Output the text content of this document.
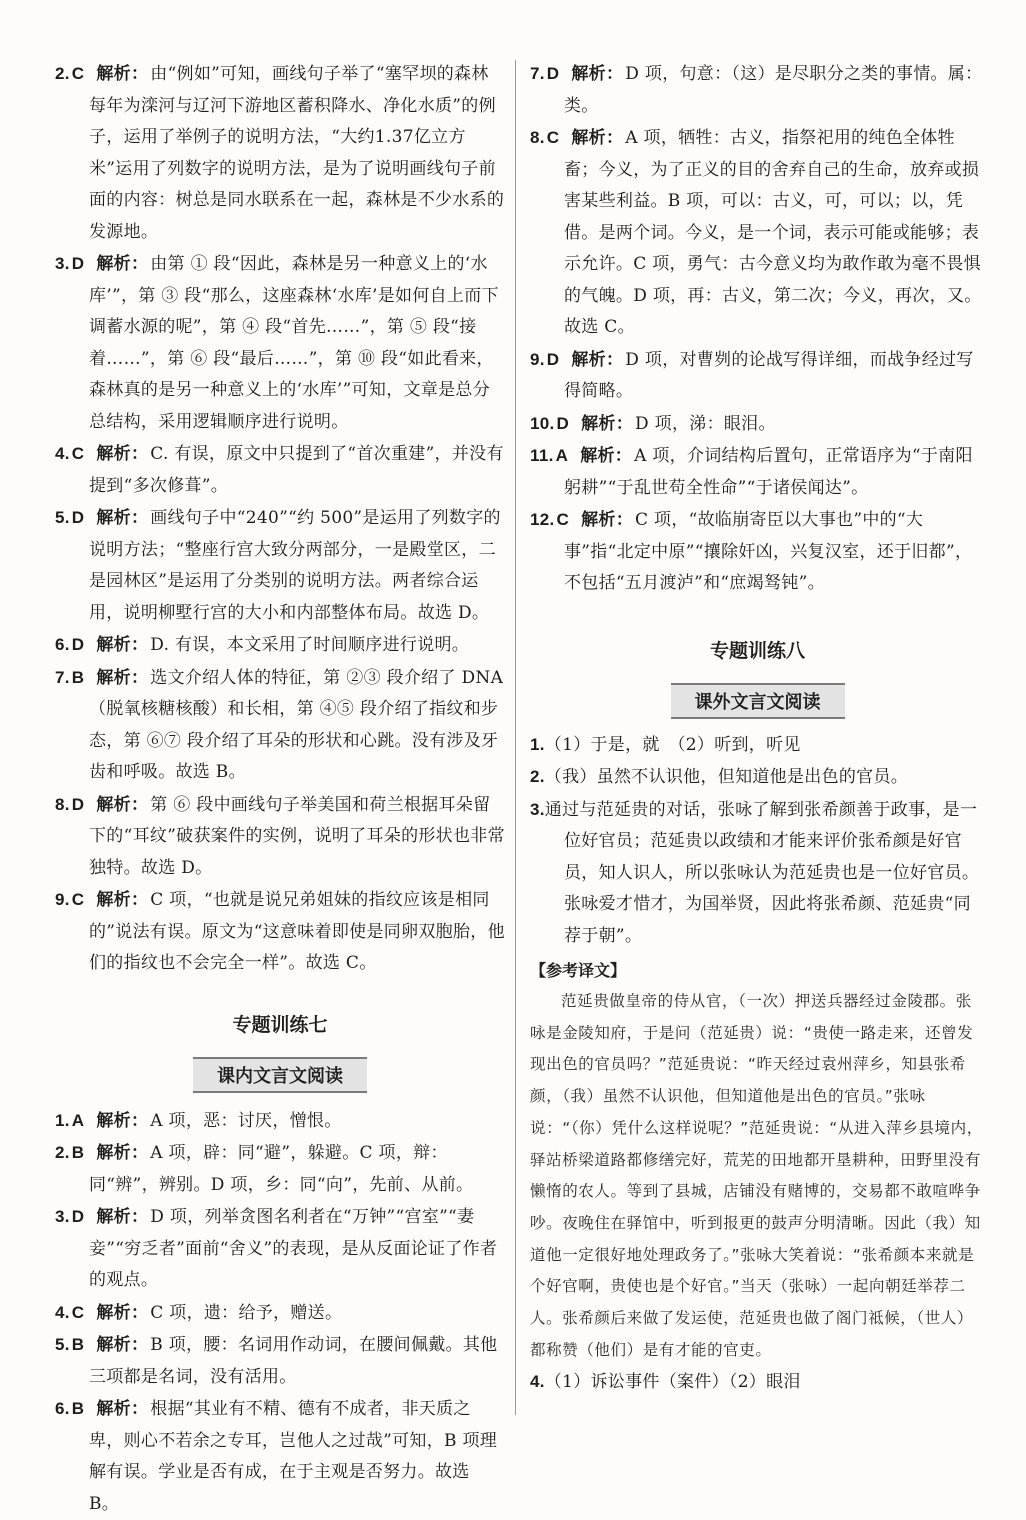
2. C 解析： 由“例如”可知，画线句子举了“塞罕坝的森林每年为滦河与辽河下游地区蓄积降水、净化水质”的例子，运用了举例子的说明方法，“大约1.37亿立方米”运用了列数字的说明方法，是为了说明画线句子前面的内容：树总是同水联系在一起，森林是不少水系的发源地。

3. D 解析： 由第 ① 段“因此，森林是另一种意义上的‘水库’”，第 ③ 段“那么，这座森林‘水库’是如何自上而下调蓄水源的呢”，第 ④ 段“首先……”，第 ⑤ 段“接着……”，第 ⑥ 段“最后……”，第 ⑩ 段“如此看来，森林真的是另一种意义上的‘水库’”可知，文章是总分总结构，采用逻辑顺序进行说明。

4. C 解析： C. 有误，原文中只提到了“首次重建”，并没有提到“多次修葺”。

5. D 解析： 画线句子中“240”“约 500”是运用了列数字的说明方法；“整座行宫大致分两部分，一是殿堂区，二是园林区”是运用了分类别的说明方法。两者综合运用，说明柳墅行宫的大小和内部整体布局。故选 D。

6. D 解析： D. 有误，本文采用了时间顺序进行说明。

7. B 解析： 选文介绍人体的特征，第 ②③ 段介绍了 DNA（脱氧核糖核酸）和长相，第 ④⑤ 段介绍了指纹和步态，第 ⑥⑦ 段介绍了耳朵的形状和心跳。没有涉及牙齿和呼吸。故选 B。

8. D 解析： 第 ⑥ 段中画线句子举美国和荷兰根据耳朵留下的“耳纹”破获案件的实例，说明了耳朵的形状也非常独特。故选 D。

9. C 解析： C 项，“也就是说兄弟姐妹的指纹应该是相同的”说法有误。原文为“这意味着即使是同卵双胞胎，他们的指纹也不会完全一样”。故选 C。

专题训练七

课内文言文阅读

1. A 解析： A 项，恶：讨厌，憎恨。

2. B 解析： A 项，辟：同“避”，躲避。C 项，辩：同“辨”，辨别。D 项，乡：同“向”，先前、从前。

3. D 解析： D 项，列举贪图名利者在“万钟”“宫室”“妻妾”“穷乏者”面前“舍义”的表现，是从反面论证了作者的观点。

4. C 解析： C 项，遗：给予，赠送。

5. B 解析： B 项，腰：名词用作动词，在腰间佩戴。其他三项都是名词，没有活用。

6. B 解析： 根据“其业有不精、德有不成者，非天质之卑，则心不若余之专耳，岂他人之过哉”可知，B 项理解有误。学业是否有成，在于主观是否努力。故选 B。

7. D 解析： D 项，句意：（这）是尽职分之类的事情。属：类。

8. C 解析： A 项，牺牲：古义，指祭祀用的纯色全体牲畜；今义，为了正义的目的舍弃自己的生命，放弃或损害某些利益。B 项，可以：古义，可，可以；以，凭借。是两个词。今义，是一个词，表示可能或能够；表示允许。C 项，勇气：古今意义均为敢作敢为毫不畏惧的气魄。D 项，再：古义，第二次；今义，再次，又。故选 C。

9. D 解析： D 项，对曹刿的论战写得详细，而战争经过写得简略。

10. D 解析： D 项，涕：眼泪。

11. A 解析： A 项，介词结构后置句，正常语序为“于南阳躬耕”“于乱世苟全性命”“于诸侯闻达”。

12. C 解析： C 项，“故临崩寄臣以大事也”中的“大事”指“北定中原”“攘除奸凶，兴复汉室，还于旧都”，不包括“五月渡泸”和“庶竭驽钝”。

专题训练八

课外文言文阅读

1.（1）于是，就　（2）听到，听见

2.（我）虽然不认识他，但知道他是出色的官员。

3.通过与范延贵的对话，张咏了解到张希颜善于政事，是一位好官员；范延贵以政绩和才能来评价张希颜是好官员，知人识人，所以张咏认为范延贵也是一位好官员。张咏爱才惜才，为国举贤，因此将张希颜、范延贵“同荐于朝”。

【参考译文】

范延贵做皇帝的侍从官，（一次）押送兵器经过金陵郡。张咏是金陵知府，于是问（范延贵）说：“贵使一路走来，还曾发现出色的官员吗？”范延贵说：“昨天经过袁州萍乡，知县张希颜，（我）虽然不认识他，但知道他是出色的官员。”张咏说：“（你）凭什么这样说呢？”范延贵说：“从进入萍乡县境内，驿站桥梁道路都修缮完好，荒芜的田地都开垦耕种，田野里没有懒惰的农人。等到了县城，店铺没有赌博的，交易都不敢喧哗争吵。夜晚住在驿馆中，听到报更的鼓声分明清晰。因此（我）知道他一定很好地处理政务了。”张咏大笑着说：“张希颜本来就是个好官啊，贵使也是个好官。”当天（张咏）一起向朝廷举荐二人。张希颜后来做了发运使，范延贵也做了阁门祗候，（世人）都称赞（他们）是有才能的官吏。

4.（1）诉讼事件（案件）（2）眼泪
